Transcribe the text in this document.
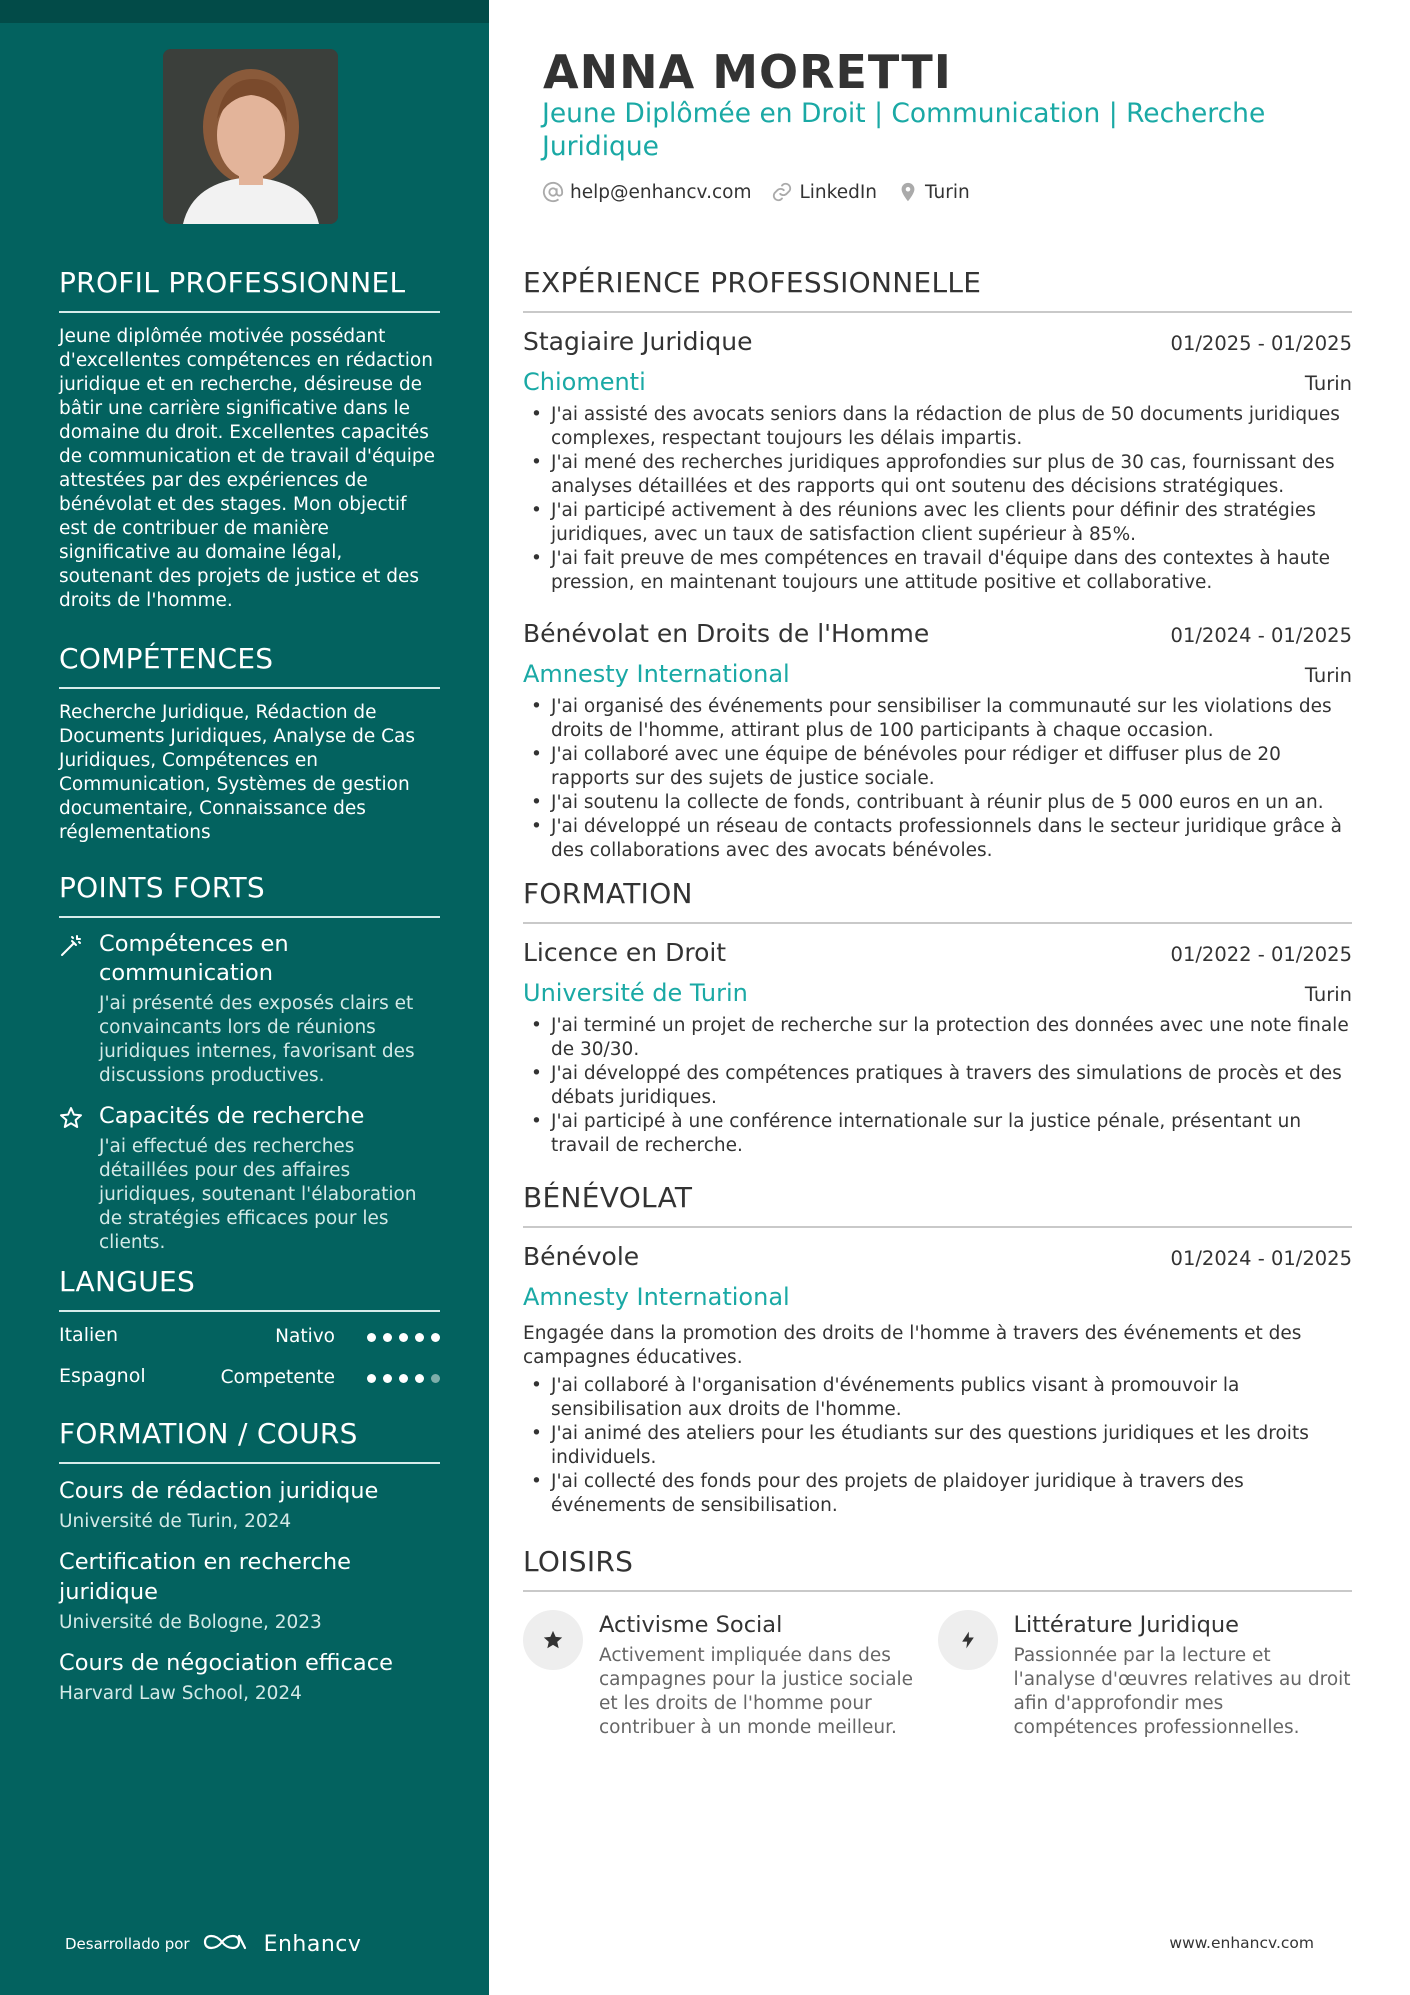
PROFIL PROFESSIONNEL
Jeune diplômée motivée possédant d'excellentes compétences en rédaction juridique et en recherche, désireuse de bâtir une carrière significative dans le domaine du droit. Excellentes capacités de communication et de travail d'équipe attestées par des expériences de bénévolat et des stages. Mon objectif est de contribuer de manière significative au domaine légal, soutenant des projets de justice et des droits de l'homme.
COMPÉTENCES
Recherche Juridique, Rédaction de Documents Juridiques, Analyse de Cas Juridiques, Compétences en Communication, Systèmes de gestion documentaire, Connaissance des réglementations
POINTS FORTS
Compétences en communication
J'ai présenté des exposés clairs et convaincants lors de réunions juridiques internes, favorisant des discussions productives.
Capacités de recherche
J'ai effectué des recherches détaillées pour des affaires juridiques, soutenant l'élaboration de stratégies efficaces pour les clients.
LANGUES
Italien	Nativo
Espagnol	Competente
FORMATION / COURS
Cours de rédaction juridique
Université de Turin, 2024
Certification en recherche juridique
Université de Bologne, 2023
Cours de négociation efficace
Harvard Law School, 2024
Desarrollado por	Enhancv
ANNA MORETTI
Jeune Diplômée en Droit | Communication | Recherche Juridique
help@enhancv.com	LinkedIn	Turin
EXPÉRIENCE PROFESSIONNELLE
Stagiaire Juridique	01/2025 - 01/2025
Chiomenti	Turin
• J'ai assisté des avocats seniors dans la rédaction de plus de 50 documents juridiques complexes, respectant toujours les délais impartis.
• J'ai mené des recherches juridiques approfondies sur plus de 30 cas, fournissant des analyses détaillées et des rapports qui ont soutenu des décisions stratégiques.
• J'ai participé activement à des réunions avec les clients pour définir des stratégies juridiques, avec un taux de satisfaction client supérieur à 85%.
• J'ai fait preuve de mes compétences en travail d'équipe dans des contextes à haute pression, en maintenant toujours une attitude positive et collaborative.
Bénévolat en Droits de l'Homme	01/2024 - 01/2025
Amnesty International	Turin
• J'ai organisé des événements pour sensibiliser la communauté sur les violations des droits de l'homme, attirant plus de 100 participants à chaque occasion.
• J'ai collaboré avec une équipe de bénévoles pour rédiger et diffuser plus de 20 rapports sur des sujets de justice sociale.
• J'ai soutenu la collecte de fonds, contribuant à réunir plus de 5 000 euros en un an.
• J'ai développé un réseau de contacts professionnels dans le secteur juridique grâce à des collaborations avec des avocats bénévoles.
FORMATION
Licence en Droit	01/2022 - 01/2025
Université de Turin	Turin
• J'ai terminé un projet de recherche sur la protection des données avec une note finale de 30/30.
• J'ai développé des compétences pratiques à travers des simulations de procès et des débats juridiques.
• J'ai participé à une conférence internationale sur la justice pénale, présentant un travail de recherche.
BÉNÉVOLAT
Bénévole	01/2024 - 01/2025
Amnesty International
Engagée dans la promotion des droits de l'homme à travers des événements et des campagnes éducatives.
• J'ai collaboré à l'organisation d'événements publics visant à promouvoir la sensibilisation aux droits de l'homme.
• J'ai animé des ateliers pour les étudiants sur des questions juridiques et les droits individuels.
• J'ai collecté des fonds pour des projets de plaidoyer juridique à travers des événements de sensibilisation.
LOISIRS
Activisme Social
Activement impliquée dans des campagnes pour la justice sociale et les droits de l'homme pour contribuer à un monde meilleur.
Littérature Juridique
Passionnée par la lecture et l'analyse d'œuvres relatives au droit afin d'approfondir mes compétences professionnelles.
www.enhancv.com
